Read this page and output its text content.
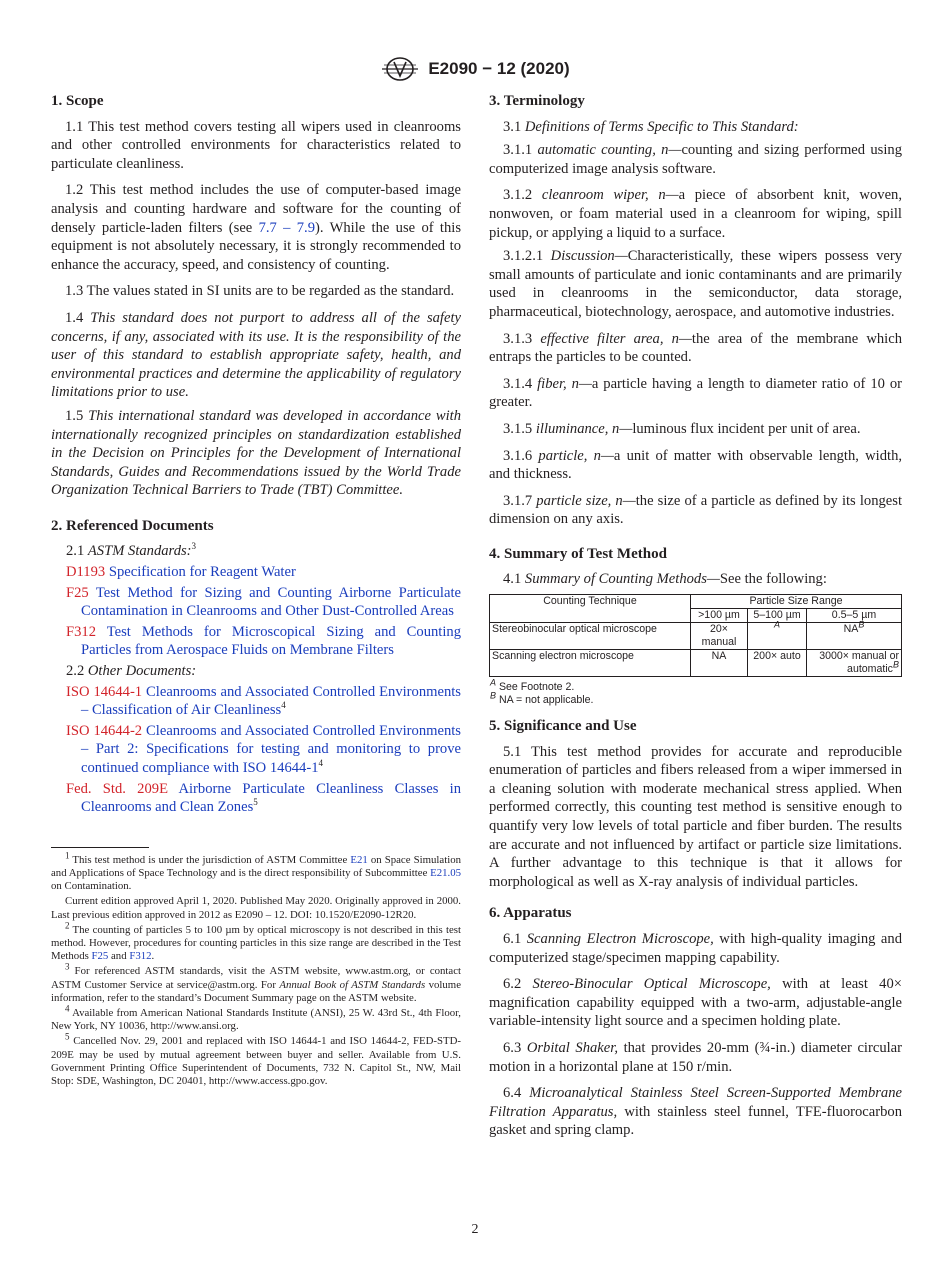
E2090 − 12 (2020)
1. Scope

1.1 This test method covers testing all wipers used in cleanrooms and other controlled environments for characteristics related to particulate cleanliness.

1.2 This test method includes the use of computer-based image analysis and counting hardware and software for the counting of densely particle-laden filters (see 7.7 – 7.9). While the use of this equipment is not absolutely necessary, it is strongly recommended to enhance the accuracy, speed, and consistency of counting.

1.3 The values stated in SI units are to be regarded as the standard.

1.4 This standard does not purport to address all of the safety concerns, if any, associated with its use. It is the responsibility of the user of this standard to establish appropriate safety, health, and environmental practices and determine the applicability of regulatory limitations prior to use.

1.5 This international standard was developed in accordance with internationally recognized principles on standardization established in the Decision on Principles for the Development of International Standards, Guides and Recommendations issued by the World Trade Organization Technical Barriers to Trade (TBT) Committee.

2. Referenced Documents

2.1 ASTM Standards:$^3$

D1193 Specification for Reagent Water

F25 Test Method for Sizing and Counting Airborne Particulate Contamination in Cleanrooms and Other Dust-Controlled Areas

F312 Test Methods for Microscopical Sizing and Counting Particles from Aerospace Fluids on Membrane Filters

2.2 Other Documents:

ISO 14644-1 Cleanrooms and Associated Controlled Environments – Classification of Air Cleanliness$^4$

ISO 14644-2 Cleanrooms and Associated Controlled Environments – Part 2: Specifications for testing and monitoring to prove continued compliance with ISO $14644-1^4$

Fed. Std. 209E Airborne Particulate Cleanliness Classes in Cleanrooms and Clean Zones$^5$

$^1$ This test method is under the jurisdiction of ASTM Committee E21 on Space Simulation and Applications of Space Technology and is the direct responsibility of Subcommittee E21.05 on Contamination.

Current edition approved April 1, 2020. Published May 2020. Originally approved in 2000. Last previous edition approved in 2012 as E2090 – 12. DOI: 10.1520/E2090-12R20.

$^2$ The counting of particles 5 to 100 µm by optical microscopy is not described in this test method. However, procedures for counting particles in this size range are described in the Test Methods F25 and F312.

$^3$ For referenced ASTM standards, visit the ASTM website, www.astm.org, or contact ASTM Customer Service at service@astm.org. For Annual Book of ASTM Standards volume information, refer to the standard’s Document Summary page on the ASTM website.

$^4$ Available from American National Standards Institute (ANSI), 25 W. 43rd St., 4th Floor, New York, NY 10036, http://www.ansi.org.

$^5$ Cancelled Nov. 29, 2001 and replaced with ISO 14644-1 and ISO 14644-2, FED-STD-209E may be used by mutual agreement between buyer and seller. Available from U.S. Government Printing Office Superintendent of Documents, 732 N. Capitol St., NW, Mail Stop: SDE, Washington, DC 20401, http://www.access.gpo.gov.

3. Terminology

3.1 Definitions of Terms Specific to This Standard:

3.1.1 automatic counting, n—counting and sizing performed using computerized image analysis software.

3.1.2 cleanroom wiper, n—a piece of absorbent knit, woven, nonwoven, or foam material used in a cleanroom for wiping, spill pickup, or applying a liquid to a surface.

3.1.2.1 Discussion—Characteristically, these wipers possess very small amounts of particulate and ionic contaminants and are primarily used in cleanrooms in the semiconductor, data storage, pharmaceutical, biotechnology, aerospace, and automotive industries.

3.1.3 effective filter area, n—the area of the membrane which entraps the particles to be counted.

3.1.4 fiber, n—a particle having a length to diameter ratio of 10 or greater.

3.1.5 illuminance, n—luminous flux incident per unit of area.

3.1.6 particle, n—a unit of matter with observable length, width, and thickness.

3.1.7 particle size, n—the size of a particle as defined by its longest dimension on any axis.

4. Summary of Test Method

4.1 Summary of Counting Methods—See the following:

Counting Technique	Particle Size Range		
	>100 µm	5–100 µm	0.5–5 µm
Stereobinocular optical microscope	20× manual	$^A$	$NA^B$
Scanning electron microscope	NA	200× auto	3000× manual or automatic$^B$

$^A$ See Footnote 2.

$^B$ NA = not applicable.

5. Significance and Use

5.1 This test method provides for accurate and reproducible enumeration of particles and fibers released from a wiper immersed in a cleaning solution with moderate mechanical stress applied. When performed correctly, this counting test method is sensitive enough to quantify very low levels of total particle and fiber burden. The results are accurate and not influenced by artifact or particle size limitations. A further advantage to this technique is that it allows for morphological as well as X-ray analysis of individual particles.

6. Apparatus

6.1 Scanning Electron Microscope, with high-quality imaging and computerized stage/specimen mapping capability.

6.2 Stereo-Binocular Optical Microscope, with at least 40× magnification capability equipped with a two-arm, adjustable-angle variable-intensity light source and a specimen holding plate.

6.3 Orbital Shaker, that provides 20-mm (¾-in.) diameter circular motion in a horizontal plane at 150 r/min.

6.4 Microanalytical Stainless Steel Screen-Supported Membrane Filtration Apparatus, with stainless steel funnel, TFE-fluorocarbon gasket and spring clamp.

2
